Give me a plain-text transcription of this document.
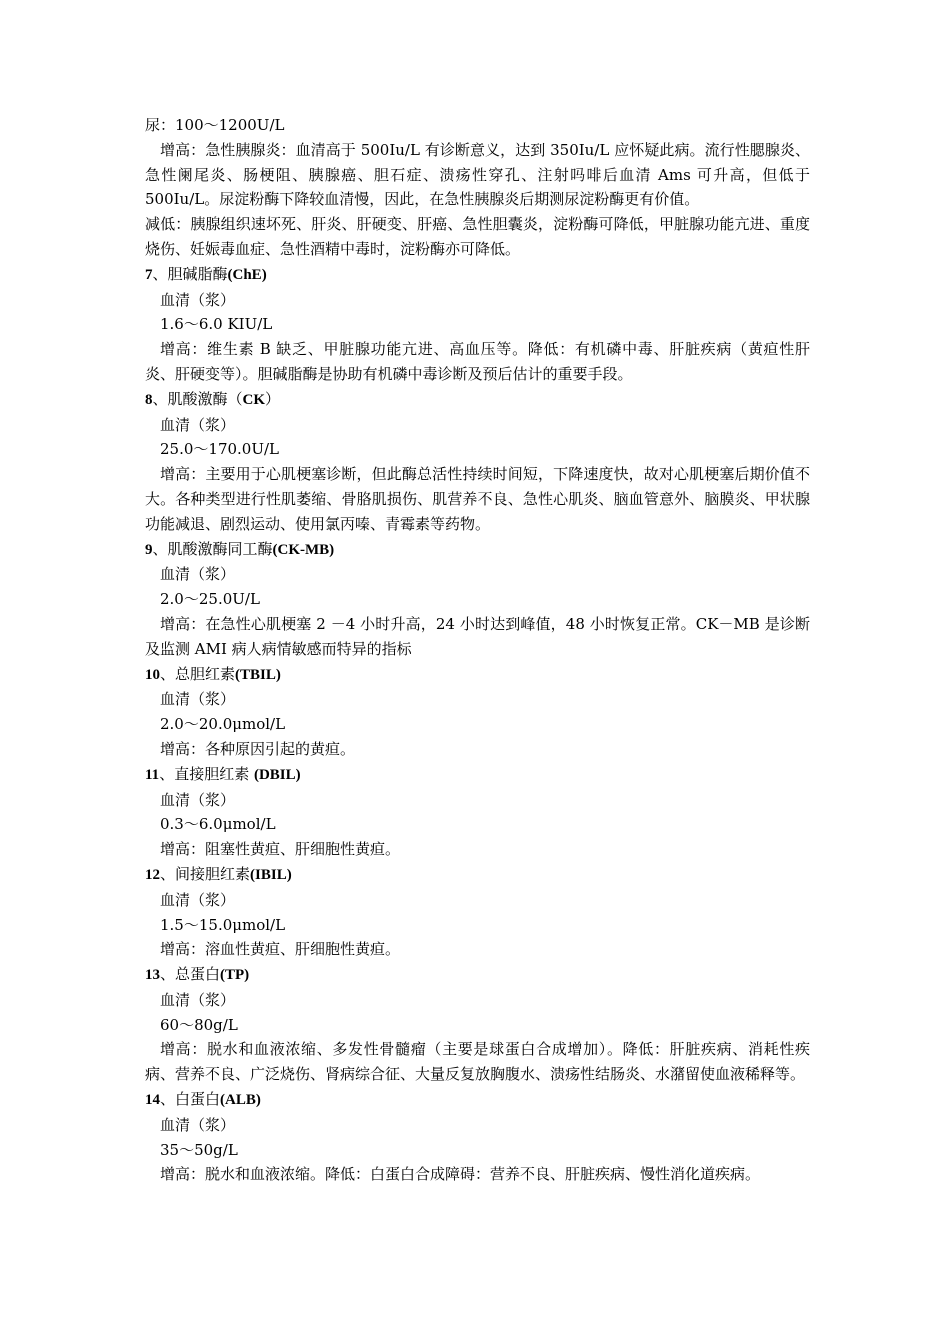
尿：100～1200U/L
增高：急性胰腺炎：血清高于 500Iu/L 有诊断意义，达到 350Iu/L 应怀疑此病。流行性腮腺炎、急性阑尾炎、肠梗阻、胰腺癌、胆石症、溃疡性穿孔、注射吗啡后血清 Ams 可升高，但低于 500Iu/L。尿淀粉酶下降较血清慢，因此，在急性胰腺炎后期测尿淀粉酶更有价值。
减低：胰腺组织速坏死、肝炎、肝硬变、肝癌、急性胆囊炎，淀粉酶可降低，甲脏腺功能亢进、重度烧伤、妊娠毒血症、急性酒精中毒时，淀粉酶亦可降低。
7、胆碱脂酶(ChE)
血清（浆）
1.6～6.0 KIU/L
增高：维生素 B 缺乏、甲脏腺功能亢进、高血压等。降低：有机磷中毒、肝脏疾病（黄疸性肝炎、肝硬变等）。胆碱脂酶是协助有机磷中毒诊断及预后估计的重要手段。
8、肌酸激酶（CK）
血清（浆）
25.0～170.0U/L
增高：主要用于心肌梗塞诊断，但此酶总活性持续时间短，下降速度快，故对心肌梗塞后期价值不大。各种类型进行性肌萎缩、骨胳肌损伤、肌营养不良、急性心肌炎、脑血管意外、脑膜炎、甲状腺功能减退、剧烈运动、使用氯丙嗪、青霉素等药物。
9、肌酸激酶同工酶(CK-MB)
血清（浆）
2.0～25.0U/L
增高：在急性心肌梗塞 2 －4 小时升高，24 小时达到峰值，48 小时恢复正常。CK－MB 是诊断及监测 AMI 病人病情敏感而特异的指标
10、总胆红素(TBIL)
血清（浆）
2.0～20.0μmol/L
增高：各种原因引起的黄疸。
11、直接胆红素 (DBIL)
血清（浆）
0.3～6.0μmol/L
增高：阻塞性黄疸、肝细胞性黄疸。
12、间接胆红素(IBIL)
血清（浆）
1.5～15.0μmol/L
增高：溶血性黄疸、肝细胞性黄疸。
13、总蛋白(TP)
血清（浆）
60～80g/L
增高：脱水和血液浓缩、多发性骨髓瘤（主要是球蛋白合成增加）。降低：肝脏疾病、消耗性疾病、营养不良、广泛烧伤、肾病综合征、大量反复放胸腹水、溃疡性结肠炎、水潴留使血液稀释等。
14、白蛋白(ALB)
血清（浆）
35～50g/L
增高：脱水和血液浓缩。降低：白蛋白合成障碍：营养不良、肝脏疾病、慢性消化道疾病。
